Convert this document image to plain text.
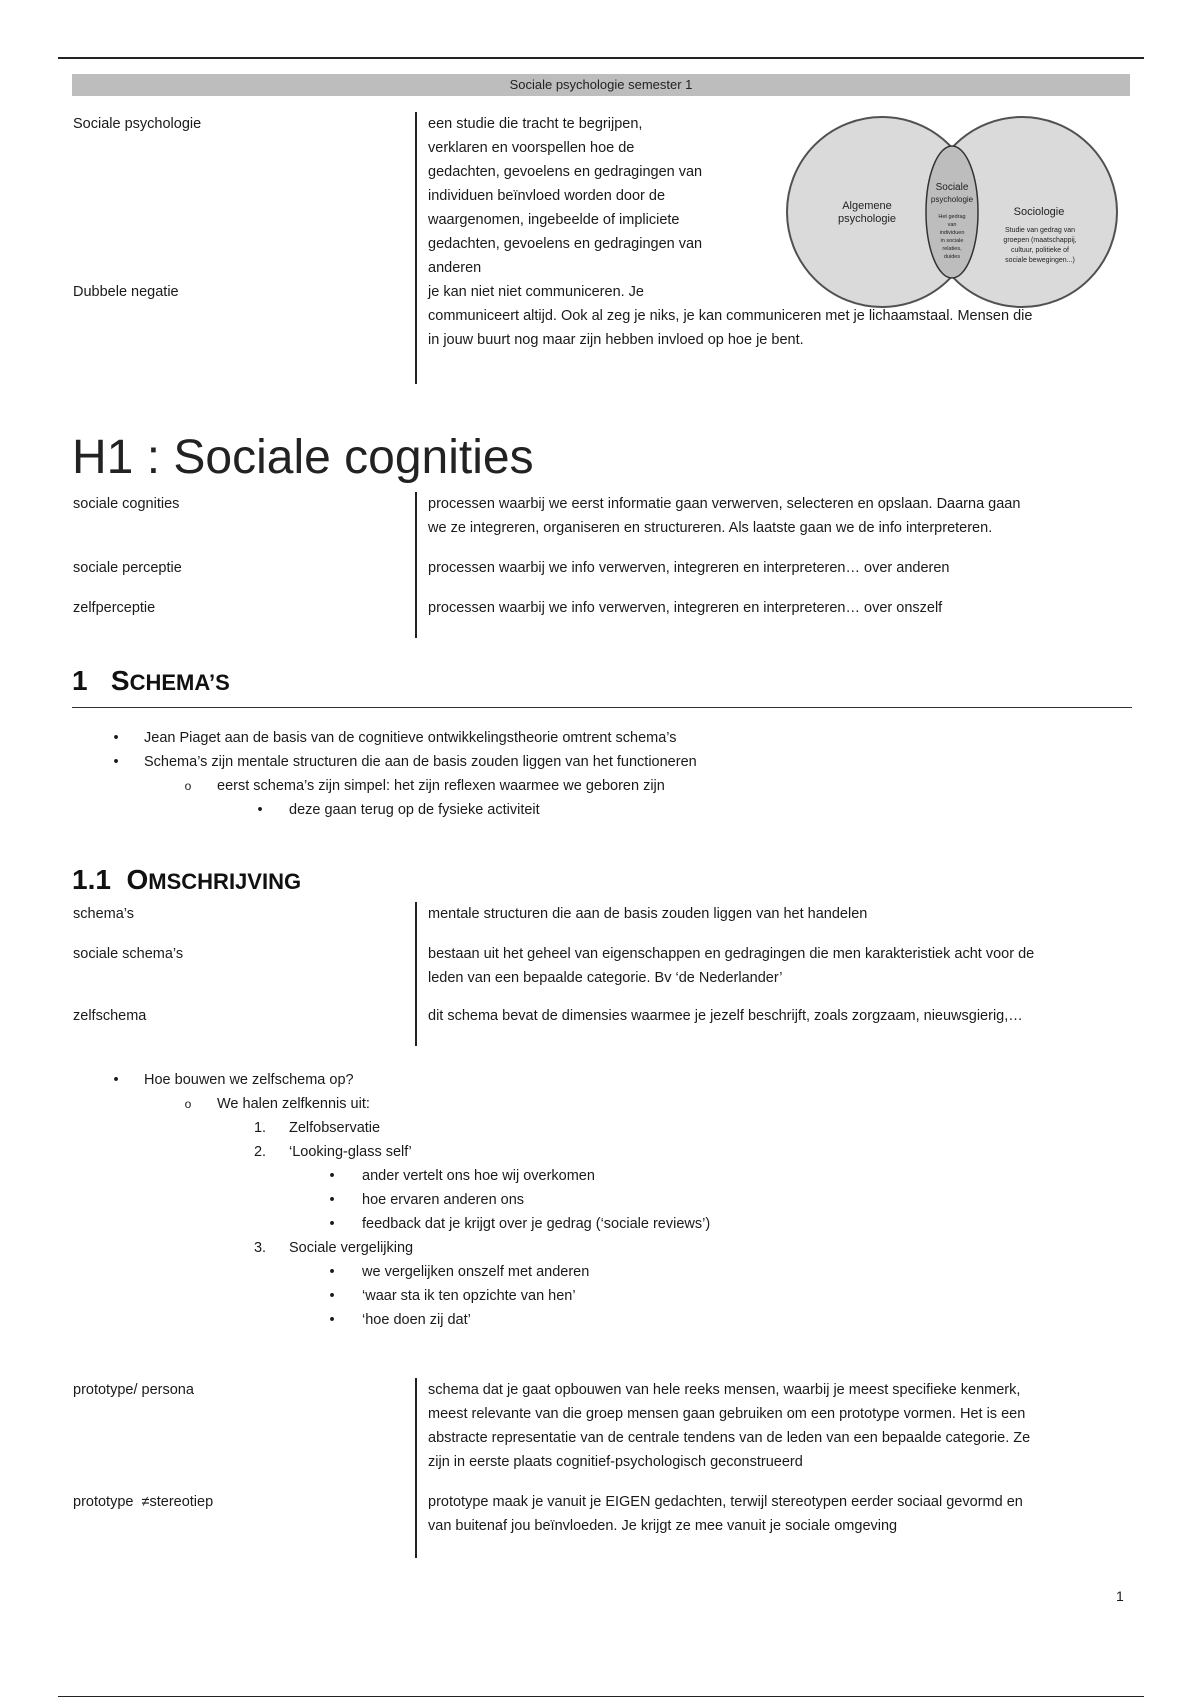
Sociale psychologie semester 1
Sociale psychologie	een studie die tracht te begrijpen,
verklaren en voorspellen hoe de
gedachten, gevoelens en gedragingen van
individuen beïnvloed worden door de
waargenomen, ingebeelde of impliciete
gedachten, gevoelens en gedragingen van
anderen
Dubbele negatie	je kan niet niet communiceren. Je
communiceert altijd. Ook al zeg je niks, je kan communiceren met je lichaamstaal. Mensen die
in jouw buurt nog maar zijn hebben invloed op hoe je bent.
Algemene
psychologie
Sociale
psychologie
Het gedrag
van
individuen
in sociale
relaties,
duides
Sociologie
Studie van gedrag van
groepen (maatschappij,
cultuur, politieke of
sociale bewegingen...)
H1 : Sociale cognities
sociale cognities	processen waarbij we eerst informatie gaan verwerven, selecteren en opslaan. Daarna gaan
we ze integreren, organiseren en structureren. Als laatste gaan we de info interpreteren.
sociale perceptie	processen waarbij we info verwerven, integreren en interpreteren… over anderen
zelfperceptie	processen waarbij we info verwerven, integreren en interpreteren… over onszelf
1 SCHEMA’S
•	Jean Piaget aan de basis van de cognitieve ontwikkelingstheorie omtrent schema’s
•	Schema’s zijn mentale structuren die aan de basis zouden liggen van het functioneren
o	eerst schema’s zijn simpel: het zijn reflexen waarmee we geboren zijn
•	deze gaan terug op de fysieke activiteit
1.1 OMSCHRIJVING
schema’s	mentale structuren die aan de basis zouden liggen van het handelen
sociale schema’s	bestaan uit het geheel van eigenschappen en gedragingen die men karakteristiek acht voor de
leden van een bepaalde categorie. Bv ‘de Nederlander’
zelfschema	dit schema bevat de dimensies waarmee je jezelf beschrijft, zoals zorgzaam, nieuwsgierig,…
•	Hoe bouwen we zelfschema op?
o	We halen zelfkennis uit:
1. Zelfobservatie
2. ‘Looking-glass self’
•	ander vertelt ons hoe wij overkomen
•	hoe ervaren anderen ons
•	feedback dat je krijgt over je gedrag (‘sociale reviews’)
3. Sociale vergelijking
•	we vergelijken onszelf met anderen
•	‘waar sta ik ten opzichte van hen’
•	‘hoe doen zij dat’
prototype/ persona	schema dat je gaat opbouwen van hele reeks mensen, waarbij je meest specifieke kenmerk,
meest relevante van die groep mensen gaan gebruiken om een prototype vormen. Het is een
abstracte representatie van de centrale tendens van de leden van een bepaalde categorie. Ze
zijn in eerste plaats cognitief-psychologisch geconstrueerd
prototype  ≠stereotiep	prototype maak je vanuit je EIGEN gedachten, terwijl stereotypen eerder sociaal gevormd en
van buitenaf jou beïnvloeden. Je krijgt ze mee vanuit je sociale omgeving
1
